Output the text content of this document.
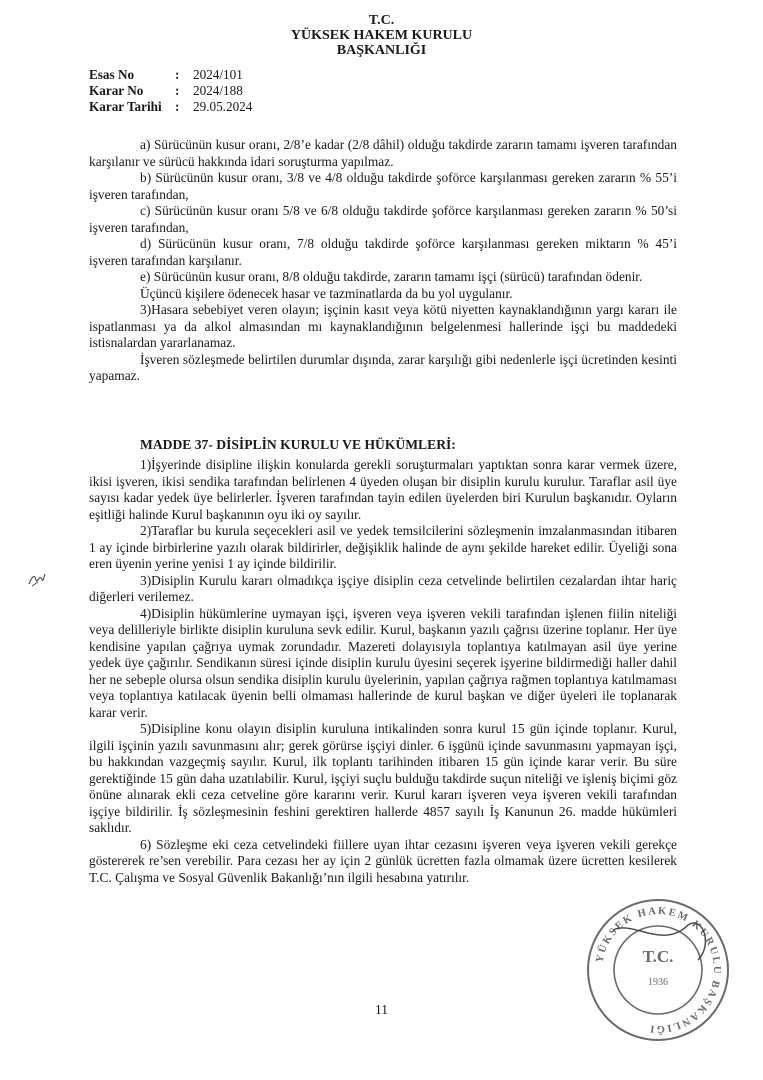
T.C.
YÜKSEK HAKEM KURULU
BAŞKANLIĞI
Esas No	:	2024/101
Karar No	:	2024/188
Karar Tarihi	:	29.05.2024

a) Sürücünün kusur oranı, 2/8’e kadar (2/8 dâhil) olduğu takdirde zararın tamamı işveren tarafından karşılanır ve sürücü hakkında idari soruşturma yapılmaz.

b) Sürücünün kusur oranı, 3/8 ve 4/8 olduğu takdirde şoförce karşılanması gereken zararın % 55’i işveren tarafından,

c) Sürücünün kusur oranı 5/8 ve 6/8 olduğu takdirde şoförce karşılanması gereken zararın % 50’si işveren tarafından,

d) Sürücünün kusur oranı, 7/8 olduğu takdirde şoförce karşılanması gereken miktarın % 45’i işveren tarafından karşılanır.

e) Sürücünün kusur oranı, 8/8 olduğu takdirde, zararın tamamı işçi (sürücü) tarafından ödenir.

Üçüncü kişilere ödenecek hasar ve tazminatlarda da bu yol uygulanır.

3)Hasara sebebiyet veren olayın; işçinin kasıt veya kötü niyetten kaynaklandığının yargı kararı ile ispatlanması ya da alkol almasından mı kaynaklandığının belgelenmesi hallerinde işçi bu maddedeki istisnalardan yararlanamaz.

İşveren sözleşmede belirtilen durumlar dışında, zarar karşılığı gibi nedenlerle işçi ücretinden kesinti yapamaz.

MADDE 37- DİSİPLİN KURULU VE HÜKÜMLERİ:

1)İşyerinde disipline ilişkin konularda gerekli soruşturmaları yaptıktan sonra karar vermek üzere, ikisi işveren, ikisi sendika tarafından belirlenen 4 üyeden oluşan bir disiplin kurulu kurulur. Taraflar asil üye sayısı kadar yedek üye belirlerler. İşveren tarafından tayin edilen üyelerden biri Kurulun başkanıdır. Oyların eşitliği halinde Kurul başkanının oyu iki oy sayılır.

2)Taraflar bu kurula seçecekleri asil ve yedek temsilcilerini sözleşmenin imzalanmasından itibaren 1 ay içinde birbirlerine yazılı olarak bildirirler, değişiklik halinde de aynı şekilde hareket edilir. Üyeliği sona eren üyenin yerine yenisi 1 ay içinde bildirilir.

3)Disiplin Kurulu kararı olmadıkça işçiye disiplin ceza cetvelinde belirtilen cezalardan ihtar hariç diğerleri verilemez.

4)Disiplin hükümlerine uymayan işçi, işveren veya işveren vekili tarafından işlenen fiilin niteliği veya delilleriyle birlikte disiplin kuruluna sevk edilir. Kurul, başkanın yazılı çağrısı üzerine toplanır. Her üye kendisine yapılan çağrıya uymak zorundadır. Mazereti dolayısıyla toplantıya katılmayan asil üye yerine yedek üye çağırılır. Sendikanın süresi içinde disiplin kurulu üyesini seçerek işyerine bildirmediği haller dahil her ne sebeple olursa olsun sendika disiplin kurulu üyelerinin, yapılan çağrıya rağmen toplantıya katılmaması veya toplantıya katılacak üyenin belli olmaması hallerinde de kurul başkan ve diğer üyeleri ile toplanarak karar verir.

5)Disipline konu olayın disiplin kuruluna intikalinden sonra kurul 15 gün içinde toplanır. Kurul, ilgili işçinin yazılı savunmasını alır; gerek görürse işçiyi dinler. 6 işgünü içinde savunmasını yapmayan işçi, bu hakkından vazgeçmiş sayılır. Kurul, ilk toplantı tarihinden itibaren 15 gün içinde karar verir. Bu süre gerektiğinde 15 gün daha uzatılabilir. Kurul, işçiyi suçlu bulduğu takdirde suçun niteliği ve işleniş biçimi göz önüne alınarak ekli ceza cetveline göre kararını verir. Kurul kararı işveren veya işveren vekili tarafından işçiye bildirilir. İş sözleşmesinin feshini gerektiren hallerde 4857 sayılı İş Kanunun 26. madde hükümleri saklıdır.

6) Sözleşme eki ceza cetvelindeki fiillere uyan ihtar cezasını işveren veya işveren vekili gerekçe göstererek re’sen verebilir. Para cezası her ay için 2 günlük ücretten fazla olmamak üzere ücretten kesilerek T.C. Çalışma ve Sosyal Güvenlik Bakanlığı’nın ilgili hesabına yatırılır.

11
YÜKSEK HAKEM KURULU BAŞKANLIĞI
T.C.
1936
